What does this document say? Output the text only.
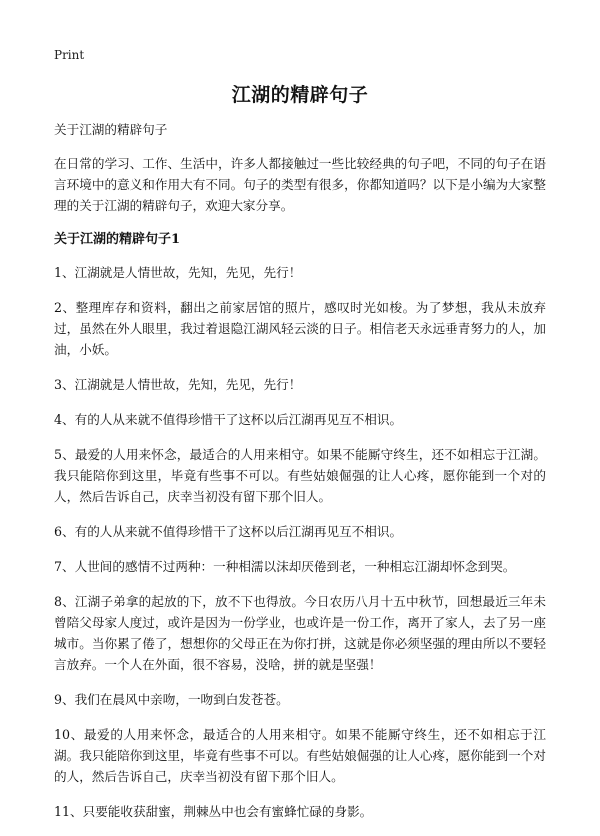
Print
江湖的精辟句子

关于江湖的精辟句子

在日常的学习、工作、生活中，许多人都接触过一些比较经典的句子吧，不同的句子在语言环境中的意义和作用大有不同。句子的类型有很多，你都知道吗？以下是小编为大家整理的关于江湖的精辟句子，欢迎大家分享。

关于江湖的精辟句子1

1、江湖就是人情世故，先知，先见，先行！

2、整理库存和资料，翻出之前家居馆的照片，感叹时光如梭。为了梦想，我从未放弃过，虽然在外人眼里，我过着退隐江湖风轻云淡的日子。相信老天永远垂青努力的人，加油，小妖。

3、江湖就是人情世故，先知，先见，先行！

4、有的人从来就不值得珍惜干了这杯以后江湖再见互不相识。

5、最爱的人用来怀念，最适合的人用来相守。如果不能厮守终生，还不如相忘于江湖。我只能陪你到这里，毕竟有些事不可以。有些姑娘倔强的让人心疼，愿你能到一个对的人，然后告诉自己，庆幸当初没有留下那个旧人。

6、有的人从来就不值得珍惜干了这杯以后江湖再见互不相识。

7、人世间的感情不过两种：一种相濡以沫却厌倦到老，一种相忘江湖却怀念到哭。

8、江湖子弟拿的起放的下，放不下也得放。今日农历八月十五中秋节，回想最近三年未曾陪父母家人度过，或许是因为一份学业，也或许是一份工作，离开了家人，去了另一座城市。当你累了倦了，想想你的父母正在为你打拼，这就是你必须坚强的理由所以不要轻言放弃。一个人在外面，很不容易，没啥，拼的就是坚强！

9、我们在晨风中亲吻，一吻到白发苍苍。

10、最爱的人用来怀念，最适合的人用来相守。如果不能厮守终生，还不如相忘于江湖。我只能陪你到这里，毕竟有些事不可以。有些姑娘倔强的让人心疼，愿你能到一个对的人，然后告诉自己，庆幸当初没有留下那个旧人。

11、只要能收获甜蜜，荆棘丛中也会有蜜蜂忙碌的身影。
